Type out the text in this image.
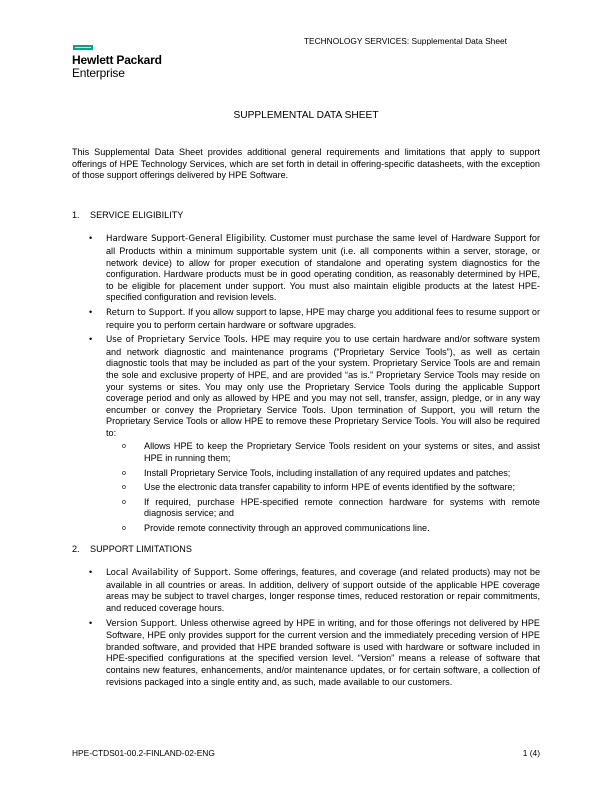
TECHNOLOGY SERVICES: Supplemental Data Sheet
Hewlett Packard
Enterprise
SUPPLEMENTAL DATA SHEET

This Supplemental Data Sheet provides additional general requirements and limitations that apply to support offerings of HPE Technology Services, which are set forth in detail in offering-specific datasheets, with the exception of those support offerings delivered by HPE Software.

1.	SERVICE ELIGIBILITY
• Hardware Support-General Eligibility. Customer must purchase the same level of Hardware Support for all Products within a minimum supportable system unit (i.e. all components within a server, storage, or network device) to allow for proper execution of standalone and operating system diagnostics for the configuration. Hardware products must be in good operating condition, as reasonably determined by HPE, to be eligible for placement under support. You must also maintain eligible products at the latest HPE-specified configuration and revision levels.
• Return to Support. If you allow support to lapse, HPE may charge you additional fees to resume support or require you to perform certain hardware or software upgrades.
• Use of Proprietary Service Tools. HPE may require you to use certain hardware and/or software system and network diagnostic and maintenance programs (“Proprietary Service Tools”), as well as certain diagnostic tools that may be included as part of the your system. Proprietary Service Tools are and remain the sole and exclusive property of HPE, and are provided “as is.” Proprietary Service Tools may reside on your systems or sites. You may only use the Proprietary Service Tools during the applicable Support coverage period and only as allowed by HPE and you may not sell, transfer, assign, pledge, or in any way encumber or convey the Proprietary Service Tools. Upon termination of Support, you will return the Proprietary Service Tools or allow HPE to remove these Proprietary Service Tools. You will also be required to:
o Allows HPE to keep the Proprietary Service Tools resident on your systems or sites, and assist HPE in running them;
o Install Proprietary Service Tools, including installation of any required updates and patches;
o Use the electronic data transfer capability to inform HPE of events identified by the software;
o If required, purchase HPE-specified remote connection hardware for systems with remote diagnosis service; and
o Provide remote connectivity through an approved communications line.
2.	SUPPORT LIMITATIONS
• Local Availability of Support. Some offerings, features, and coverage (and related products) may not be available in all countries or areas. In addition, delivery of support outside of the applicable HPE coverage areas may be subject to travel charges, longer response times, reduced restoration or repair commitments, and reduced coverage hours.
• Version Support. Unless otherwise agreed by HPE in writing, and for those offerings not delivered by HPE Software, HPE only provides support for the current version and the immediately preceding version of HPE branded software, and provided that HPE branded software is used with hardware or software included in HPE-specified configurations at the specified version level. “Version” means a release of software that contains new features, enhancements, and/or maintenance updates, or for certain software, a collection of revisions packaged into a single entity and, as such, made available to our customers.
HPE-CTDS01-00.2-FINLAND-02-ENG	1 (4)
